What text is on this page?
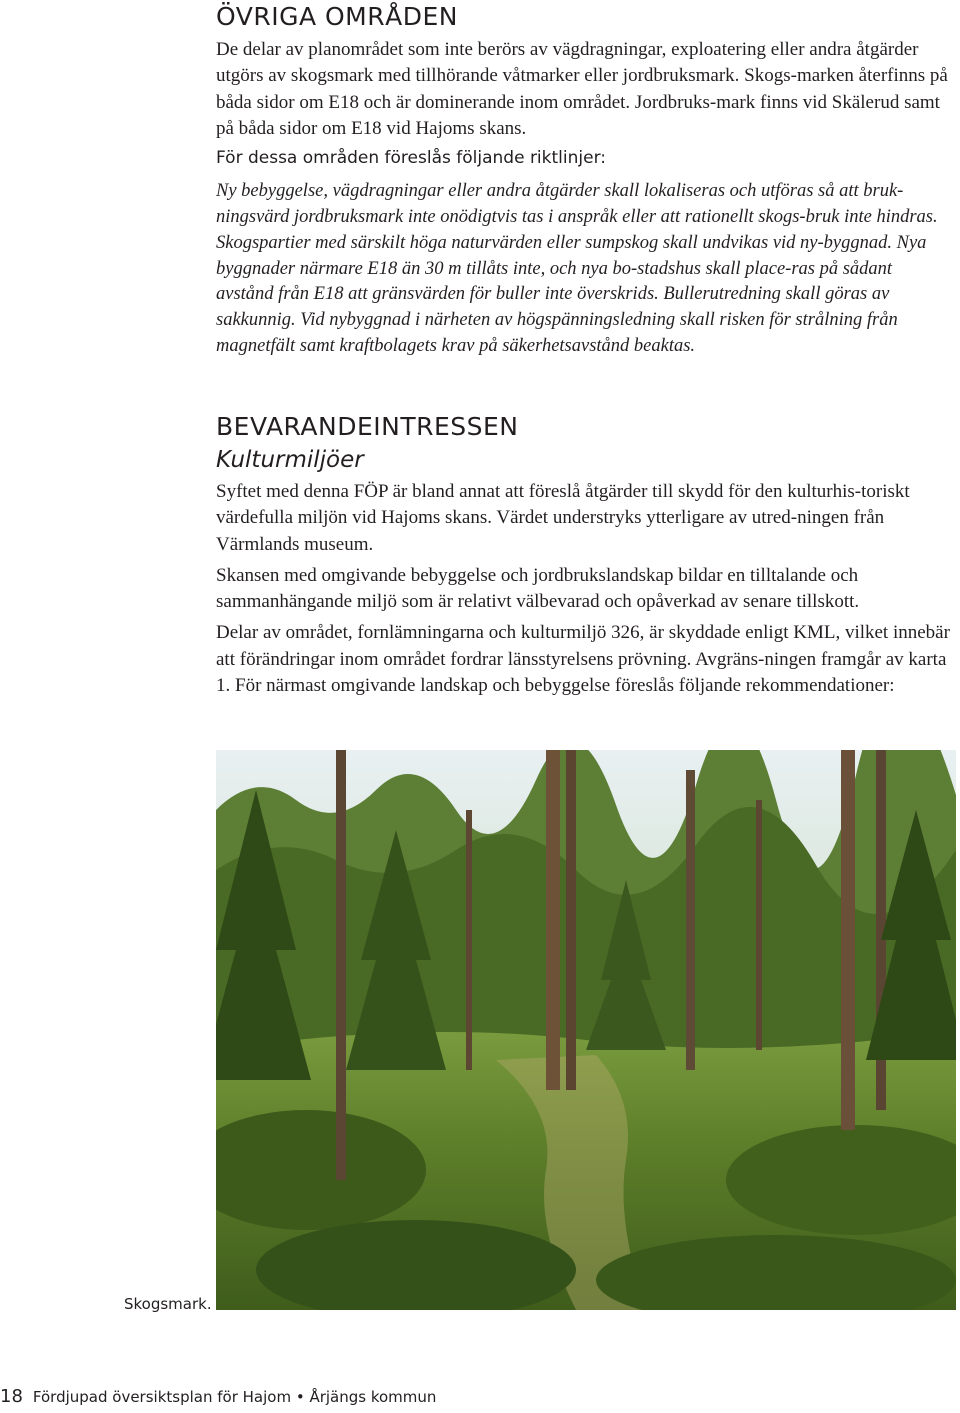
ÖVRIGA OMRÅDEN

De delar av planområdet som inte berörs av vägdragningar, exploatering eller andra åtgärder utgörs av skogsmark med tillhörande våtmarker eller jordbruksmark. Skogs-marken återfinns på båda sidor om E18 och är dominerande inom området. Jordbruks-mark finns vid Skälerud samt på båda sidor om E18 vid Hajoms skans.

För dessa områden föreslås följande riktlinjer:

Ny bebyggelse, vägdragningar eller andra åtgärder skall lokaliseras och utföras så att bruk-ningsvärd jordbruksmark inte onödigtvis tas i anspråk eller att rationellt skogs-bruk inte hindras. Skogspartier med särskilt höga naturvärden eller sumpskog skall undvikas vid ny-byggnad. Nya byggnader närmare E18 än 30 m tillåts inte, och nya bo-stadshus skall place-ras på sådant avstånd från E18 att gränsvärden för buller inte överskrids. Bullerutredning skall göras av sakkunnig. Vid nybyggnad i närheten av högspänningsledning skall risken för strålning från magnetfält samt kraftbolagets krav på säkerhetsavstånd beaktas.

BEVARANDEINTRESSEN
Kulturmiljöer

Syftet med denna FÖP är bland annat att föreslå åtgärder till skydd för den kulturhis-toriskt värdefulla miljön vid Hajoms skans. Värdet understryks ytterligare av utred-ningen från Värmlands museum.

Skansen med omgivande bebyggelse och jordbrukslandskap bildar en tilltalande och sammanhängande miljö som är relativt välbevarad och opåverkad av senare tillskott.

Delar av området, fornlämningarna och kulturmiljö 326, är skyddade enligt KML, vilket innebär att förändringar inom området fordrar länsstyrelsens prövning. Avgräns-ningen framgår av karta 1. För närmast omgivande landskap och bebyggelse föreslås följande rekommendationer:

Skogsmark.
18 Fördjupad översiktsplan för Hajom • Årjängs kommun
